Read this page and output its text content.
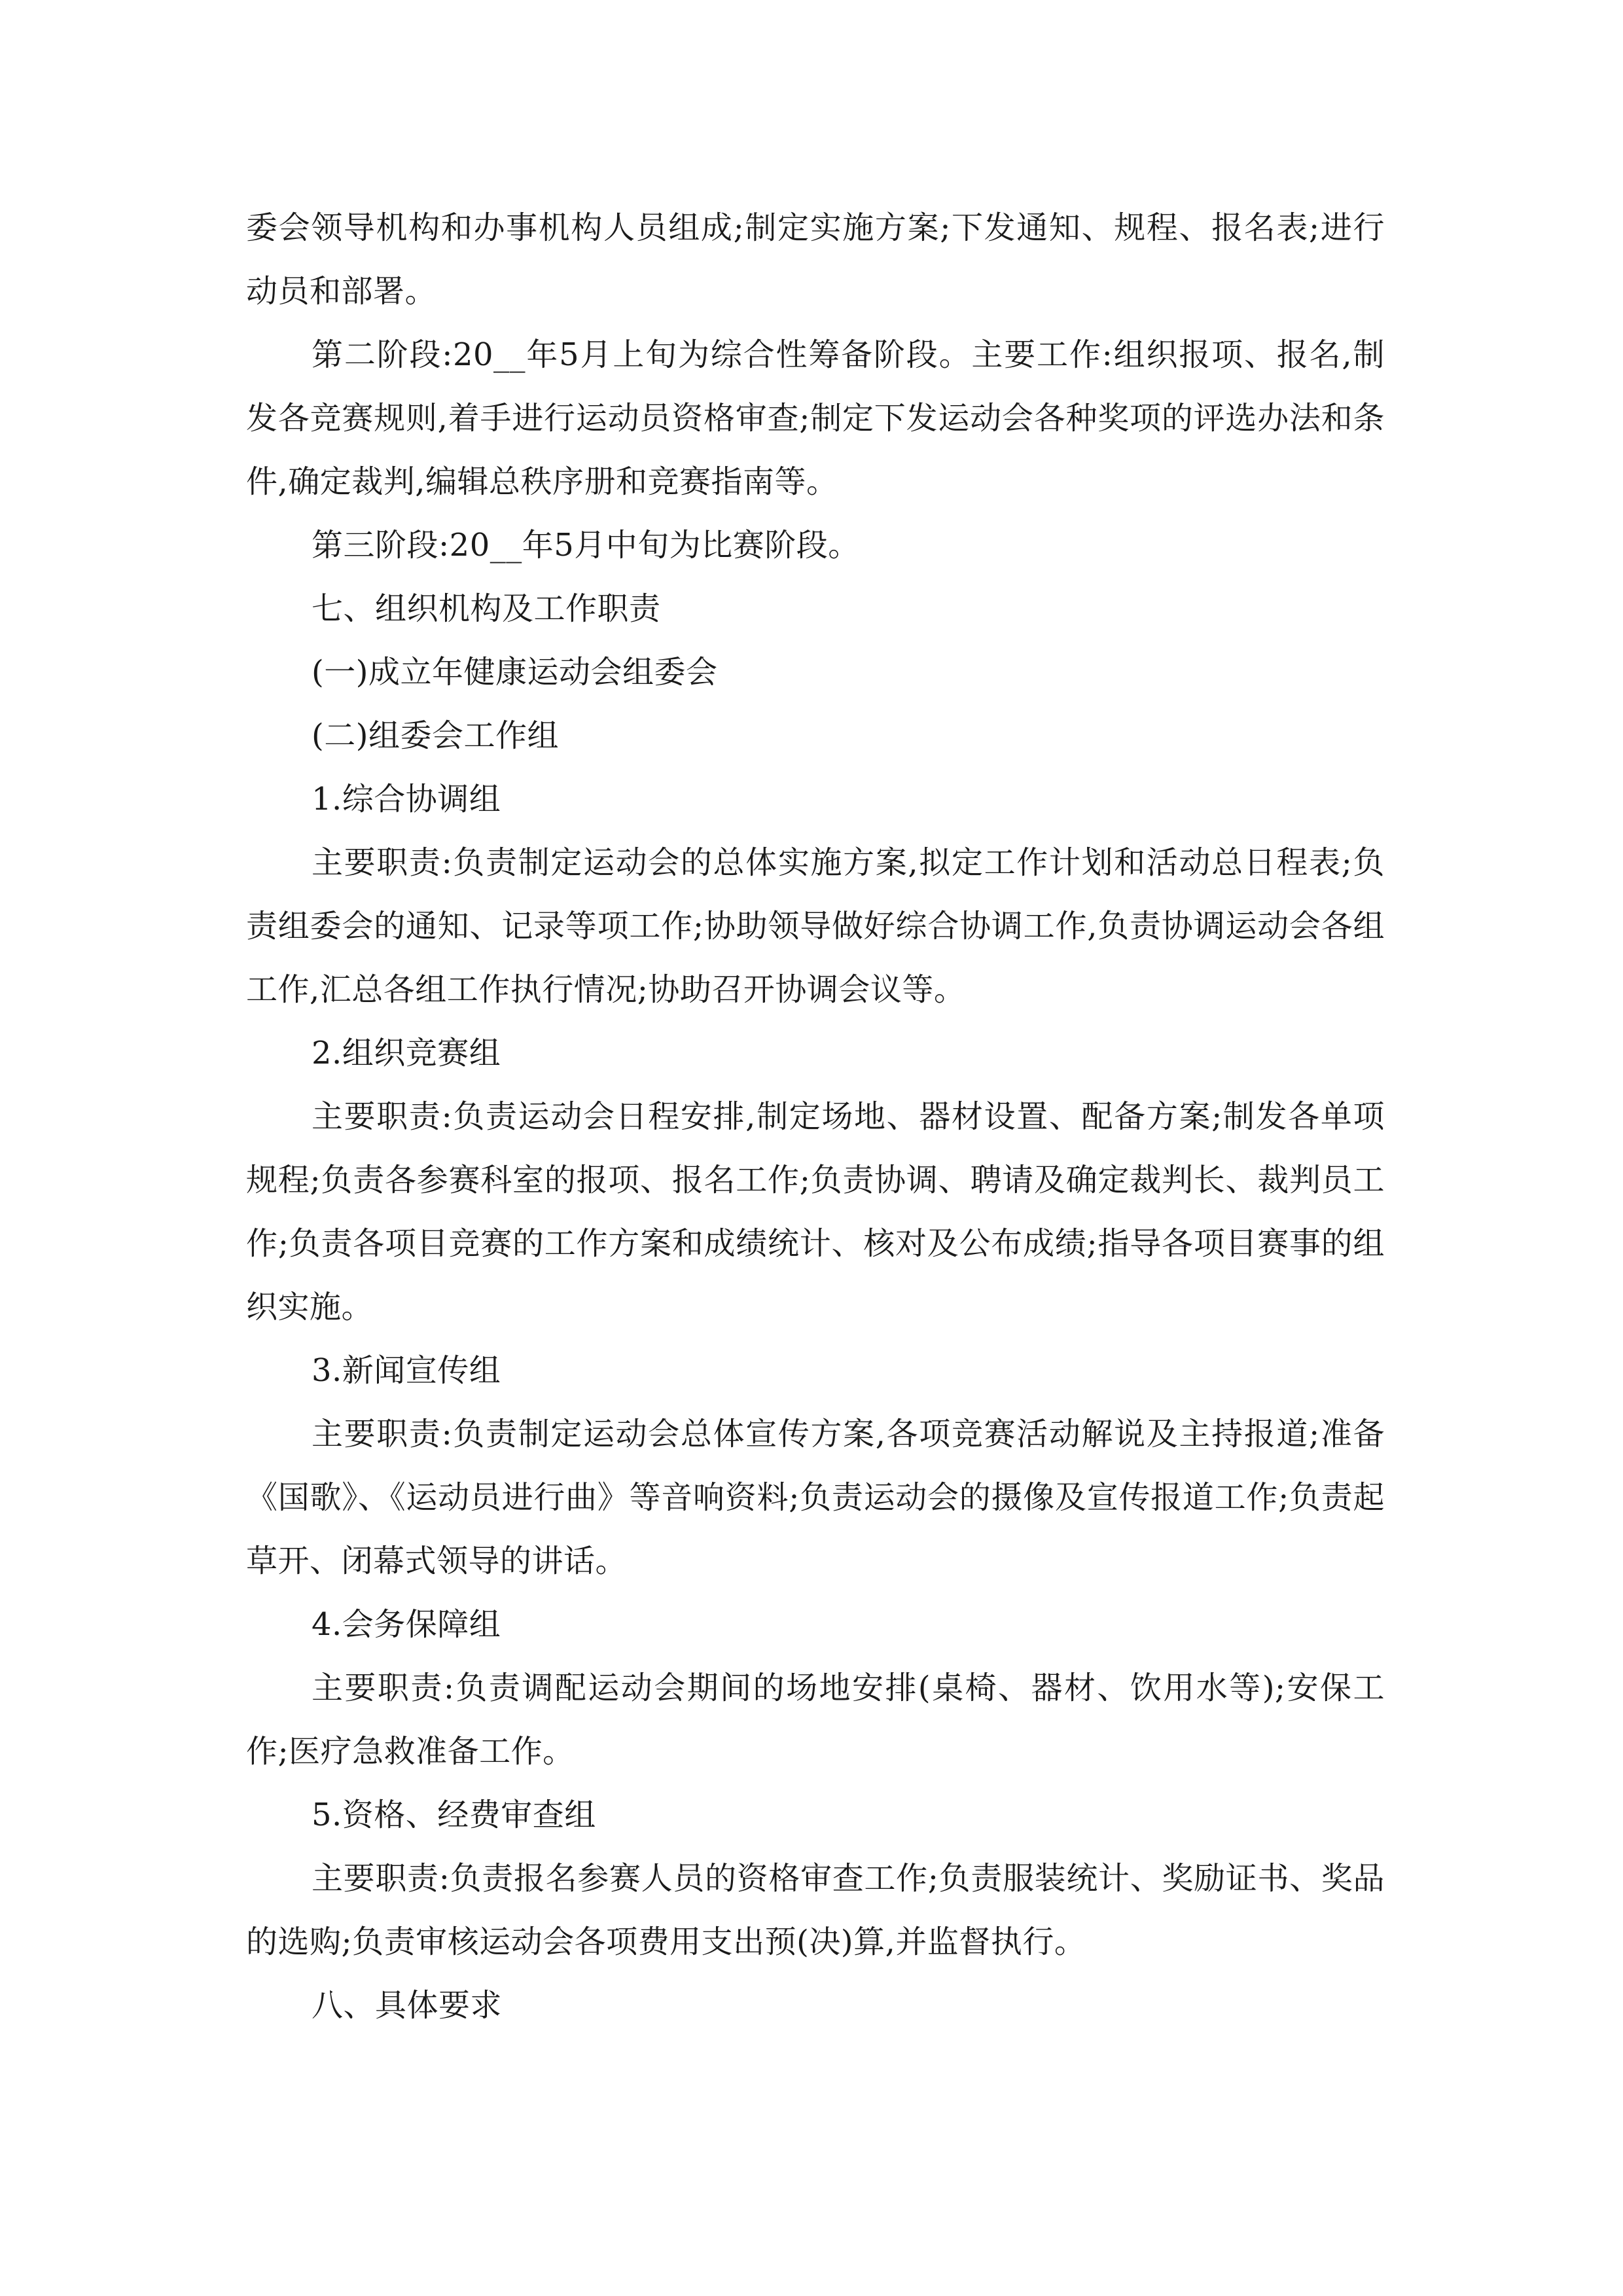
委会领导机构和办事机构人员组成;制定实施方案;下发通知、规程、报名表;进行动员和部署。

第二阶段:20__年5月上旬为综合性筹备阶段。主要工作:组织报项、报名,制发各竞赛规则,着手进行运动员资格审查;制定下发运动会各种奖项的评选办法和条件,确定裁判,编辑总秩序册和竞赛指南等。

第三阶段:20__年5月中旬为比赛阶段。

七、组织机构及工作职责

(一)成立年健康运动会组委会

(二)组委会工作组

1.综合协调组

主要职责:负责制定运动会的总体实施方案,拟定工作计划和活动总日程表;负责组委会的通知、记录等项工作;协助领导做好综合协调工作,负责协调运动会各组工作,汇总各组工作执行情况;协助召开协调会议等。

2.组织竞赛组

主要职责:负责运动会日程安排,制定场地、器材设置、配备方案;制发各单项规程;负责各参赛科室的报项、报名工作;负责协调、聘请及确定裁判长、裁判员工作;负责各项目竞赛的工作方案和成绩统计、核对及公布成绩;指导各项目赛事的组织实施。

3.新闻宣传组

主要职责:负责制定运动会总体宣传方案,各项竞赛活动解说及主持报道;准备《国歌》、《运动员进行曲》等音响资料;负责运动会的摄像及宣传报道工作;负责起草开、闭幕式领导的讲话。

4.会务保障组

主要职责:负责调配运动会期间的场地安排(桌椅、器材、饮用水等);安保工作;医疗急救准备工作。

5.资格、经费审查组

主要职责:负责报名参赛人员的资格审查工作;负责服装统计、奖励证书、奖品的选购;负责审核运动会各项费用支出预(决)算,并监督执行。

八、具体要求
